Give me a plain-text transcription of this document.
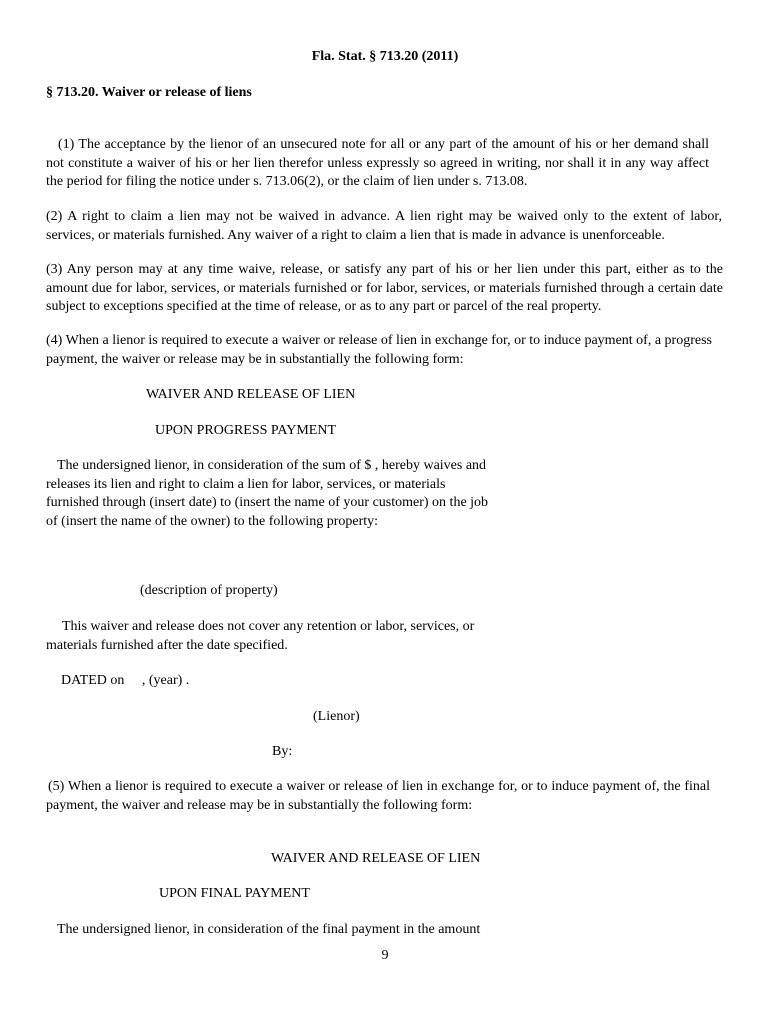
Fla. Stat. § 713.20 (2011)
§ 713.20. Waiver or release of liens

(1) The acceptance by the lienor of an unsecured note for all or any part of the amount of his or her demand shall not constitute a waiver of his or her lien therefor unless expressly so agreed in writing, nor shall it in any way affect the period for filing the notice under s. 713.06(2), or the claim of lien under s. 713.08.

(2) A right to claim a lien may not be waived in advance. A lien right may be waived only to the extent of labor, services, or materials furnished. Any waiver of a right to claim a lien that is made in advance is unenforceable.

(3) Any person may at any time waive, release, or satisfy any part of his or her lien under this part, either as to the amount due for labor, services, or materials furnished or for labor, services, or materials furnished through a certain date subject to exceptions specified at the time of release, or as to any part or parcel of the real property.

(4) When a lienor is required to execute a waiver or release of lien in exchange for, or to induce payment of, a progress payment, the waiver or release may be in substantially the following form:

WAIVER AND RELEASE OF LIEN
UPON PROGRESS PAYMENT

The undersigned lienor, in consideration of the sum of $ , hereby waives and releases its lien and right to claim a lien for labor, services, or materials furnished through (insert date) to (insert the name of your customer) on the job of (insert the name of the owner) to the following property:

(description of property)

This waiver and release does not cover any retention or labor, services, or materials furnished after the date specified.

DATED on     , (year) .
(Lienor)
By:

(5) When a lienor is required to execute a waiver or release of lien in exchange for, or to induce payment of, the final payment, the waiver and release may be in substantially the following form:

WAIVER AND RELEASE OF LIEN
UPON FINAL PAYMENT
The undersigned lienor, in consideration of the final payment in the amount
9
